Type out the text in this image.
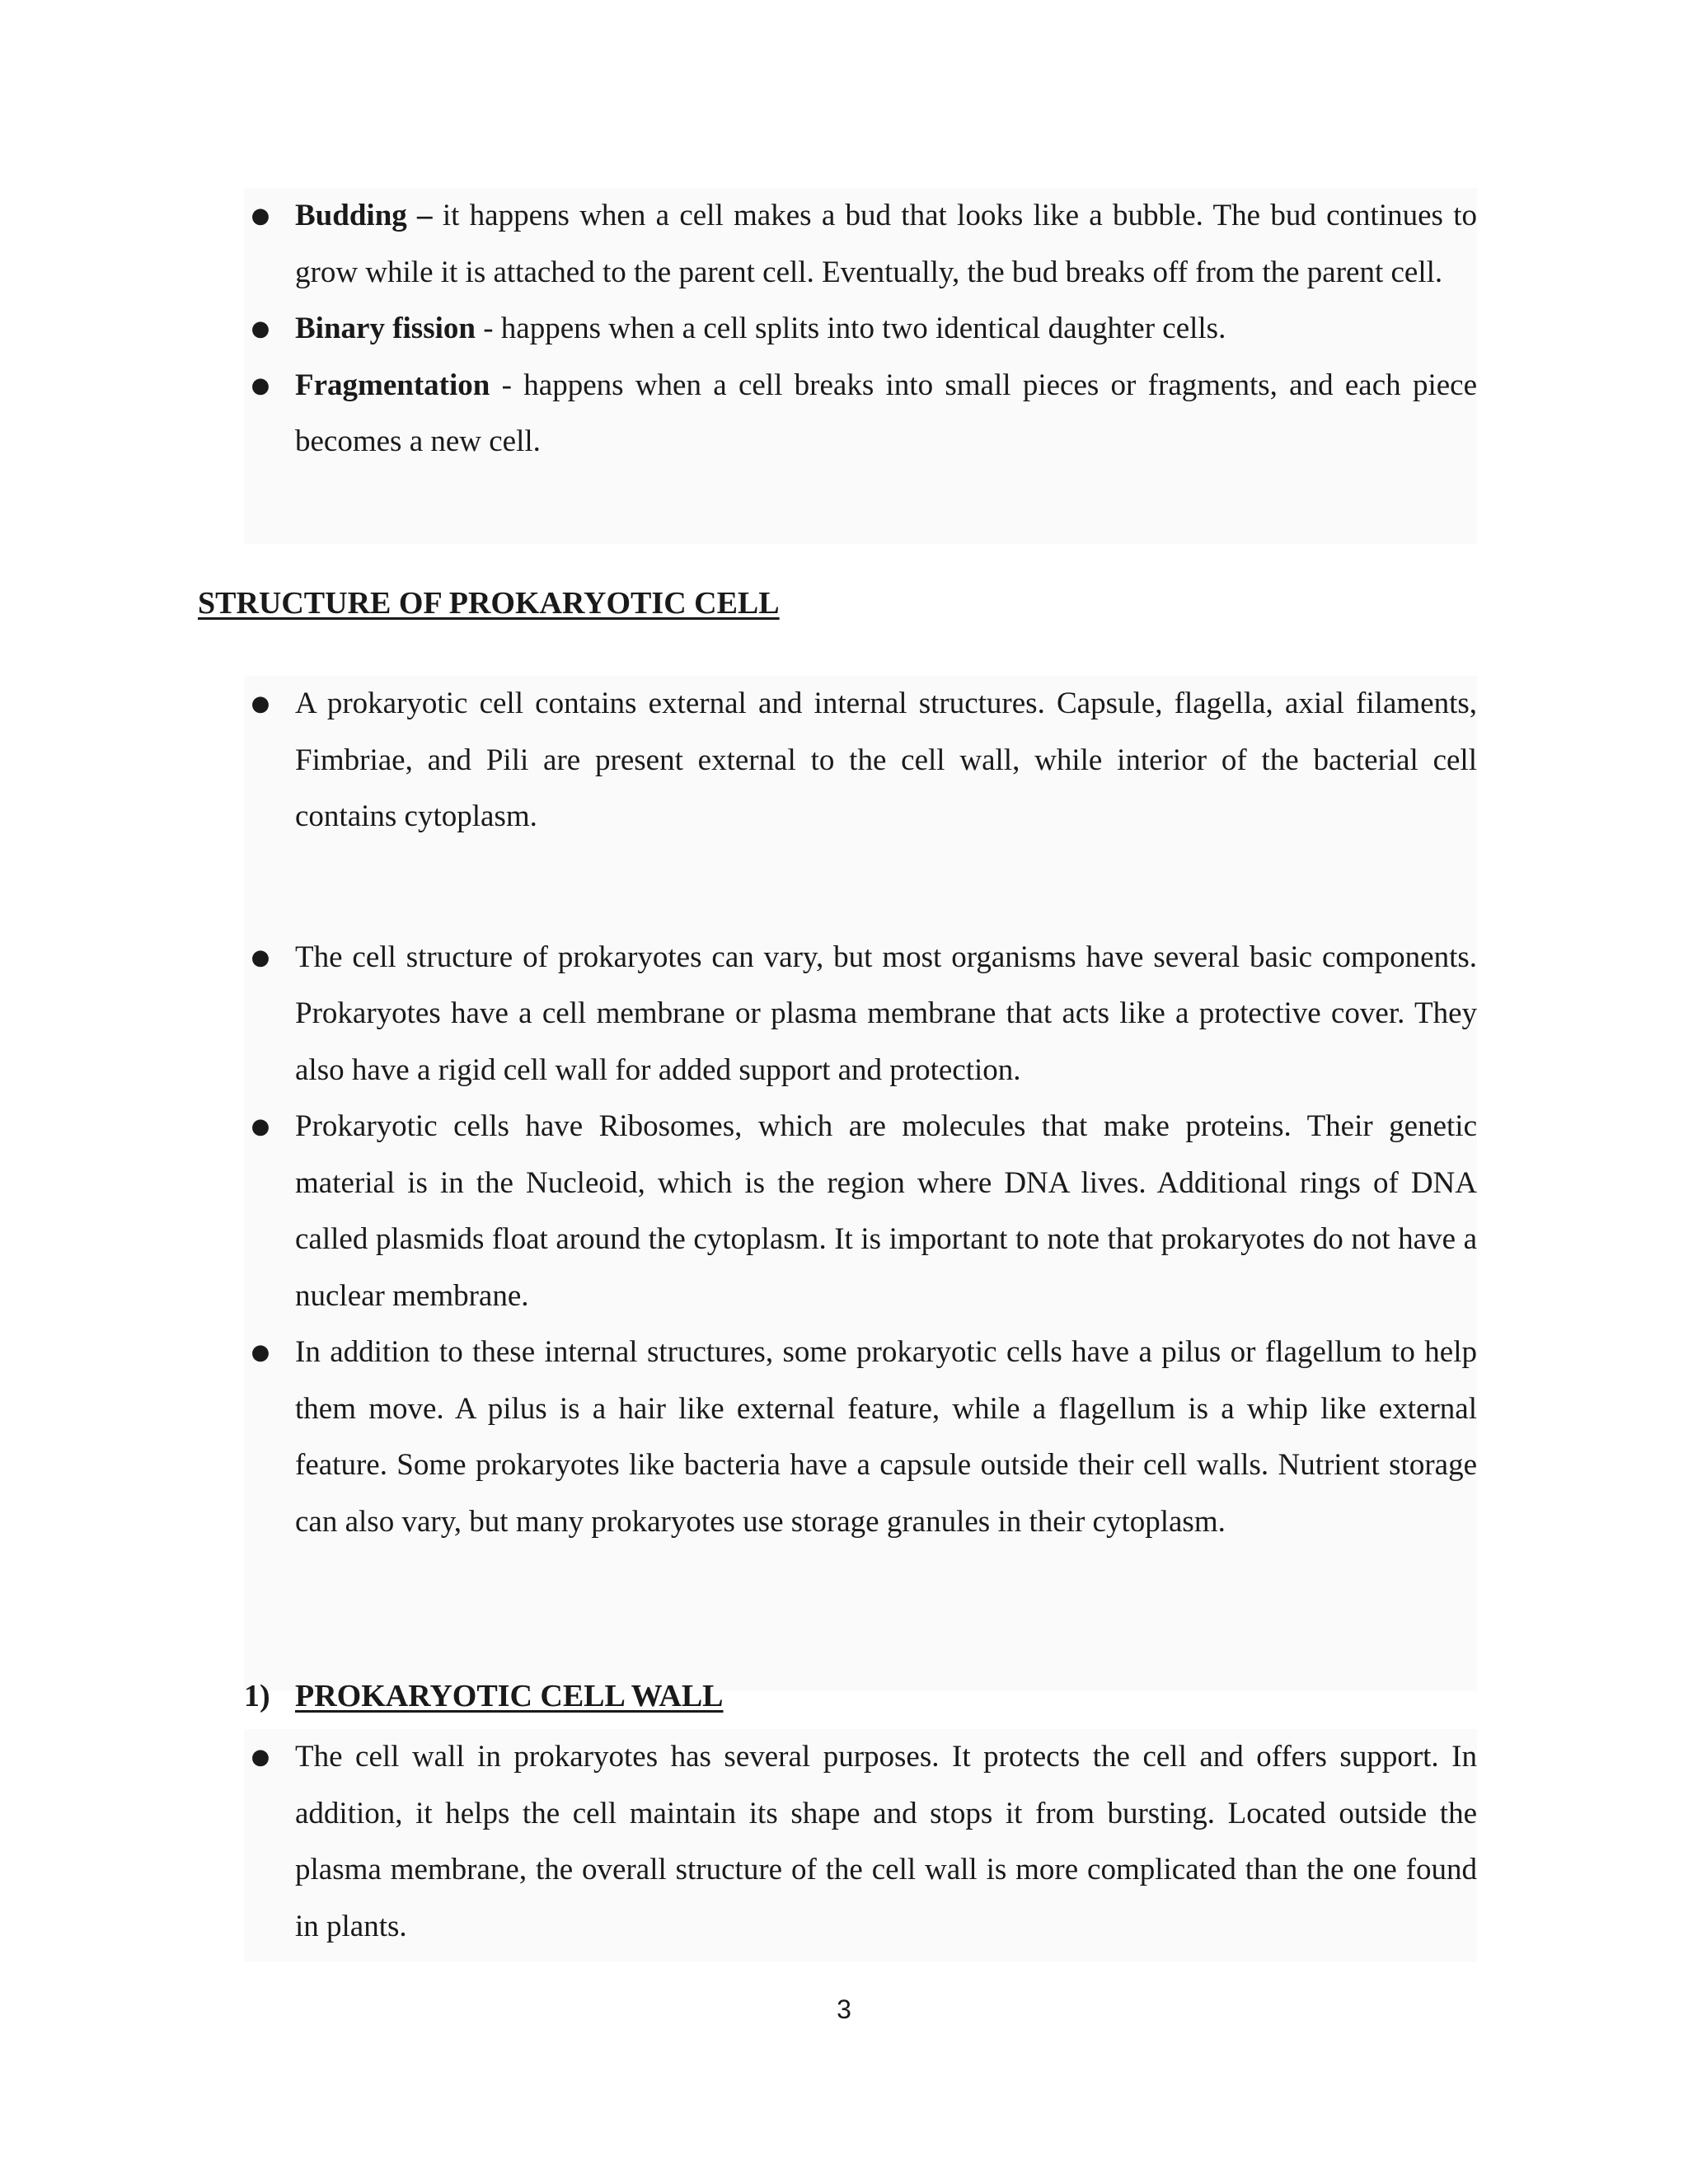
● Budding – it happens when a cell makes a bud that looks like a bubble. The bud continues to grow while it is attached to the parent cell. Eventually, the bud breaks off from the parent cell.
● Binary fission - happens when a cell splits into two identical daughter cells.
● Fragmentation - happens when a cell breaks into small pieces or fragments, and each piece becomes a new cell.
STRUCTURE OF PROKARYOTIC CELL
● A prokaryotic cell contains external and internal structures. Capsule, flagella, axial filaments, Fimbriae, and Pili are present external to the cell wall, while interior of the bacterial cell contains cytoplasm.
● The cell structure of prokaryotes can vary, but most organisms have several basic components. Prokaryotes have a cell membrane or plasma membrane that acts like a protective cover. They also have a rigid cell wall for added support and protection.
● Prokaryotic cells have Ribosomes, which are molecules that make proteins. Their genetic material is in the Nucleoid, which is the region where DNA lives. Additional rings of DNA called plasmids float around the cytoplasm. It is important to note that prokaryotes do not have a nuclear membrane.
● In addition to these internal structures, some prokaryotic cells have a pilus or flagellum to help them move. A pilus is a hair like external feature, while a flagellum is a whip like external feature. Some prokaryotes like bacteria have a capsule outside their cell walls. Nutrient storage can also vary, but many prokaryotes use storage granules in their cytoplasm.
1) PROKARYOTIC CELL WALL
● The cell wall in prokaryotes has several purposes. It protects the cell and offers support. In addition, it helps the cell maintain its shape and stops it from bursting. Located outside the plasma membrane, the overall structure of the cell wall is more complicated than the one found in plants.
3
